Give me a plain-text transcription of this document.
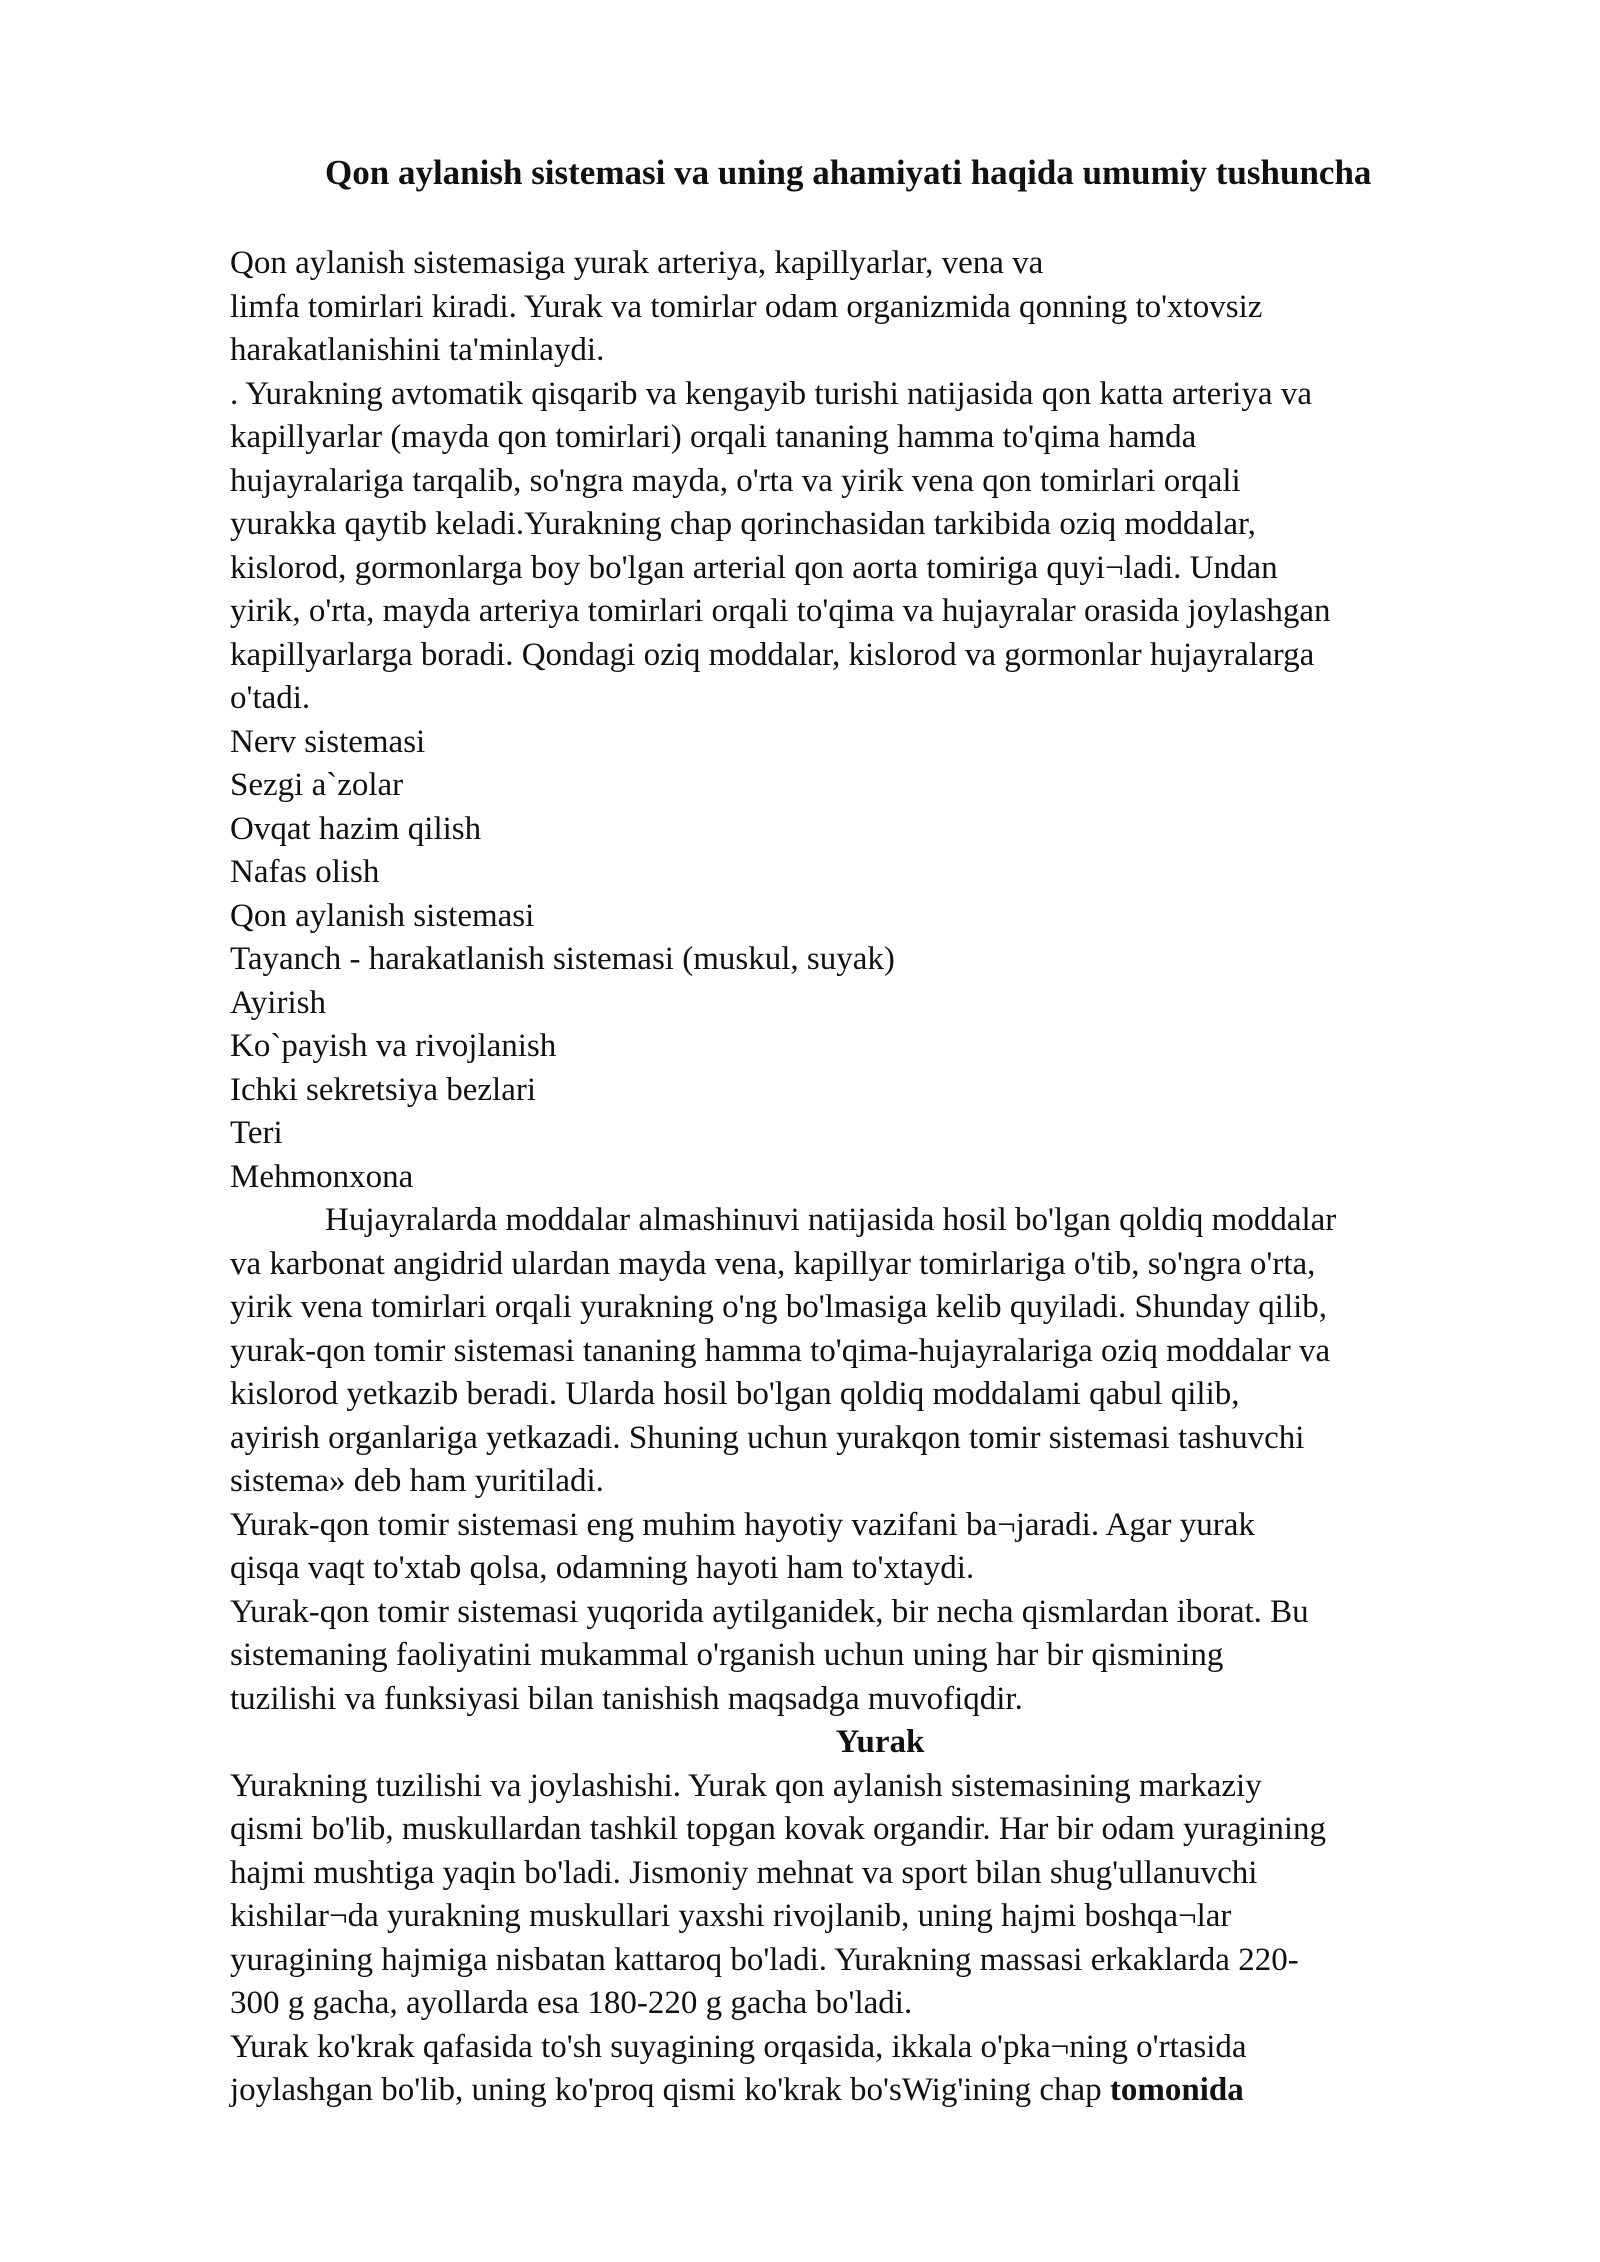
Qon aylanish sistemasi va uning ahamiyati haqida umumiy tushuncha
Qon aylanish sistemasiga yurak arteriya, kapillyarlar, vena va
limfa tomirlari kiradi. Yurak va tomirlar odam organizmida qonning to'xtovsiz
harakatlanishini ta'minlaydi.
. Yurakning avtomatik qisqarib va kengayib turishi natijasida qon katta arteriya va
kapillyarlar (mayda qon tomirlari) orqali tananing hamma to'qima hamda
hujayralariga tarqalib, so'ngra mayda, o'rta va yirik vena qon tomirlari orqali
yurakka qaytib keladi.Yurakning chap qorinchasidan tarkibida oziq moddalar,
kislorod, gormonlarga boy bo'lgan arterial qon aorta tomiriga quyi¬ladi. Undan
yirik, o'rta, mayda arteriya tomirlari orqali to'qima va hujayralar orasida joylashgan
kapillyarlarga boradi. Qondagi oziq moddalar, kislorod va gormonlar hujayralarga
o'tadi.
Nerv sistemasi
Sezgi a`zolar
Ovqat hazim qilish
Nafas olish
Qon aylanish sistemasi
Tayanch - harakatlanish sistemasi (muskul, suyak)
Ayirish
Ko`payish va rivojlanish
Ichki sekretsiya bezlari
Teri
Mehmonxona
Hujayralarda moddalar almashinuvi natijasida hosil bo'lgan qoldiq moddalar
va karbonat angidrid ulardan mayda vena, kapillyar tomirlariga o'tib, so'ngra o'rta,
yirik vena tomirlari orqali yurakning o'ng bo'lmasiga kelib quyiladi. Shunday qilib,
yurak-qon tomir sistemasi tananing hamma to'qima-hujayralariga oziq moddalar va
kislorod yetkazib beradi. Ularda hosil bo'lgan qoldiq moddalami qabul qilib,
ayirish organlariga yetkazadi. Shuning uchun yurakqon tomir sistemasi tashuvchi
sistema» deb ham yuritiladi.
Yurak-qon tomir sistemasi eng muhim hayotiy vazifani ba¬jaradi. Agar yurak
qisqa vaqt to'xtab qolsa, odamning hayoti ham to'xtaydi.
Yurak-qon tomir sistemasi yuqorida aytilganidek, bir necha qismlardan iborat. Bu
sistemaning faoliyatini mukammal o'rganish uchun uning har bir qismining
tuzilishi va funksiyasi bilan tanishish maqsadga muvofiqdir.
Yurak
Yurakning tuzilishi va joylashishi. Yurak qon aylanish sistemasining markaziy
qismi bo'lib, muskullardan tashkil topgan kovak organdir. Har bir odam yuragining
hajmi mushtiga yaqin bo'ladi. Jismoniy mehnat va sport bilan shug'ullanuvchi
kishilar¬da yurakning muskullari yaxshi rivojlanib, uning hajmi boshqa¬lar
yuragining hajmiga nisbatan kattaroq bo'ladi. Yurakning massasi erkaklarda 220-
300 g gacha, ayollarda esa 180-220 g gacha bo'ladi.
Yurak ko'krak qafasida to'sh suyagining orqasida, ikkala o'pka¬ning o'rtasida
joylashgan bo'lib, uning ko'proq qismi ko'krak bo'sWig'ining chap tomonida
